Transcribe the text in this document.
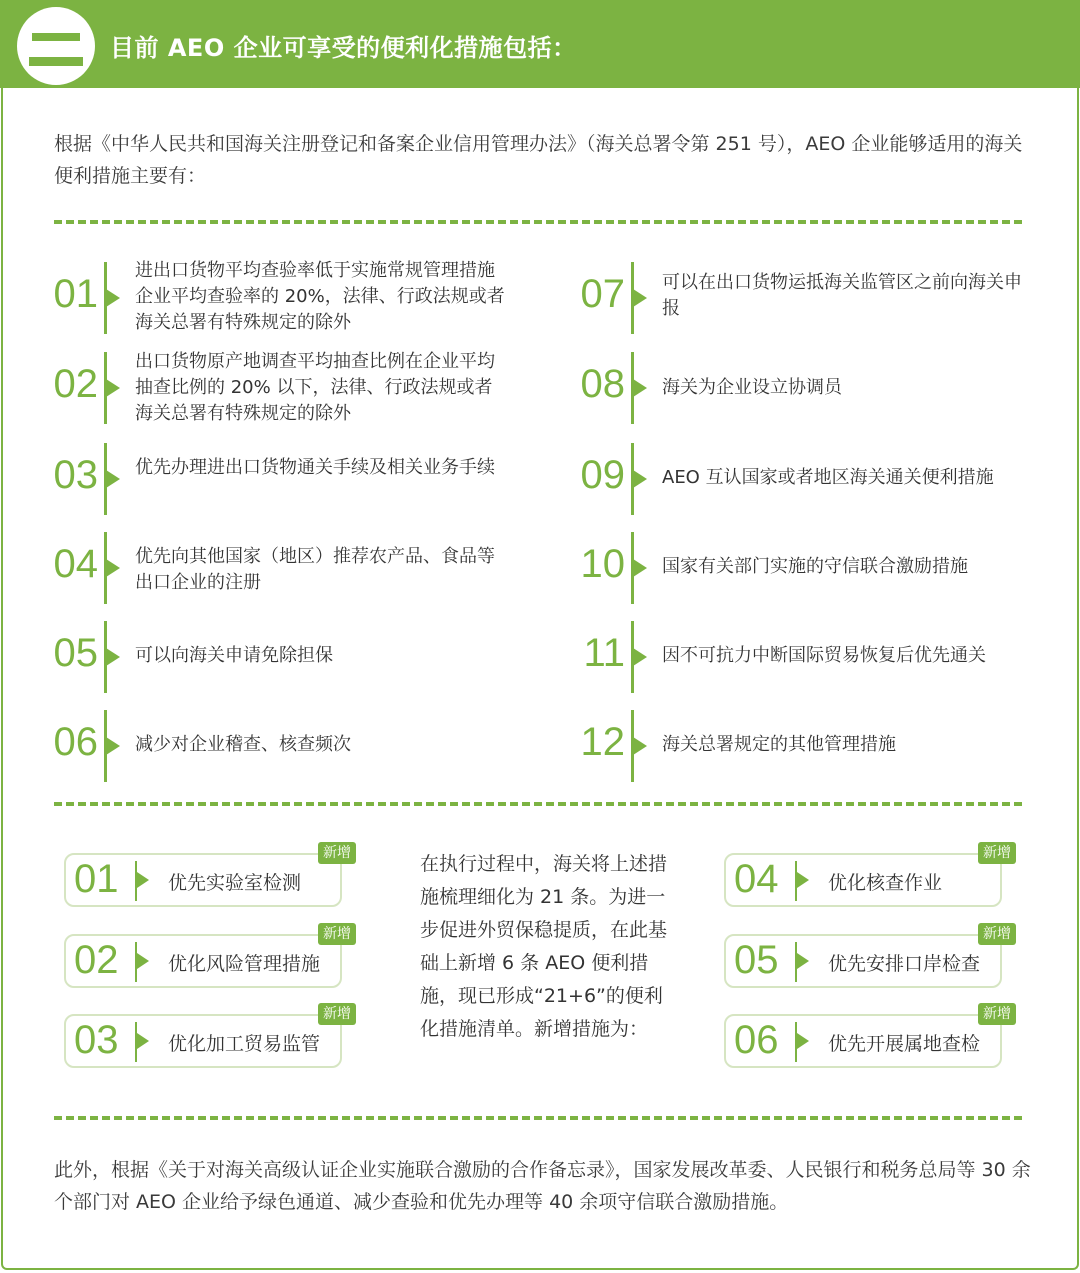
目前 AEO 企业可享受的便利化措施包括：
根据《中华人民共和国海关注册登记和备案企业信用管理办法》（海关总署令第 251 号），AEO 企业能够适用的海关便利措施主要有：
01
进出口货物平均查验率低于实施常规管理措施企业平均查验率的 20%，法律、行政法规或者海关总署有特殊规定的除外
02
出口货物原产地调查平均抽查比例在企业平均抽查比例的 20% 以下，法律、行政法规或者海关总署有特殊规定的除外
03 优先办理进出口货物通关手续及相关业务手续
04 优先向其他国家（地区）推荐农产品、食品等出口企业的注册
05 可以向海关申请免除担保
06 减少对企业稽查、核查频次
07 可以在出口货物运抵海关监管区之前向海关申报
08 海关为企业设立协调员
09 AEO 互认国家或者地区海关通关便利措施
10 国家有关部门实施的守信联合激励措施
11 因不可抗力中断国际贸易恢复后优先通关
12 海关总署规定的其他管理措施
01	优先实验室检测
新增
02	优化风险管理措施
新增
03	优化加工贸易监管
新增
在执行过程中，海关将上述措施梳理细化为 21 条。为进一步促进外贸保稳提质，在此基础上新增 6 条 AEO 便利措施，现已形成“21+6”的便利化措施清单。新增措施为：
04	优化核查作业
新增
05	优先安排口岸检查
新增
06	优先开展属地查检
新增
此外，根据《关于对海关高级认证企业实施联合激励的合作备忘录》，国家发展改革委、人民银行和税务总局等 30 余个部门对 AEO 企业给予绿色通道、减少查验和优先办理等 40 余项守信联合激励措施。
